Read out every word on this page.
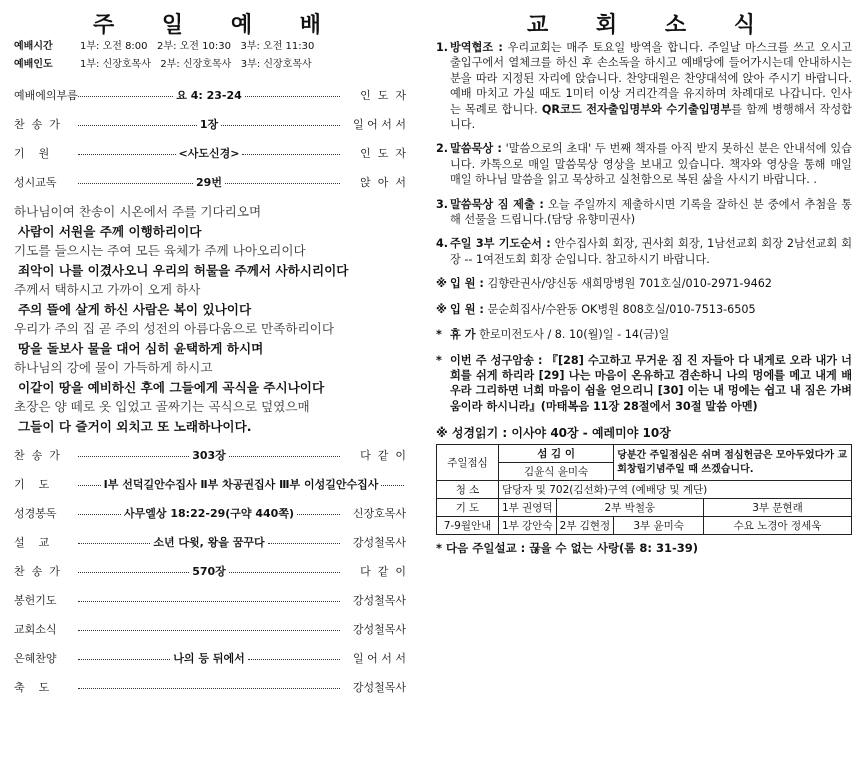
주 일 예 배
예배시간	1부: 오전 8:00   2부: 오전 10:30   3부: 오전 11:30
예배인도	1부: 신장호목사   2부: 신장호목사   3부: 신장호목사
예배에의부름	요 4: 23-24	인  도  자
찬  송  가	1장	일 어 서 서
기    원	<사도신경>	인  도  자
성시교독	29번	앉  아  서
하나님이여 찬송이 시온에서 주를 기다리오며
사람이 서원을 주께 이행하리이다
기도를 들으시는 주여 모든 육체가 주께 나아오리이다
죄악이 나를 이겼사오니 우리의 허물을 주께서 사하시리이다
주께서 택하시고 가까이 오게 하사
주의 뜰에 살게 하신 사람은 복이 있나이다
우리가 주의 집 곧 주의 성전의 아름다움으로 만족하리이다
땅을 돌보사 물을 대어 심히 윤택하게 하시며
하나님의 강에 물이 가득하게 하시고
이같이 땅을 예비하신 후에 그들에게 곡식을 주시나이다
초장은 양 떼로 옷 입었고 골짜기는 곡식으로 덮였으매
그들이 다 즐거이 외치고 또 노래하나이다.
찬  송  가	303장	다  같  이
기    도	Ⅰ부 선덕길안수집사 Ⅱ부 차공권집사 Ⅲ부 이성길안수집사
성경봉독	사무엘상 18:22-29(구약 440쪽)	신장호목사
설    교	소년 다윗, 왕을 꿈꾸다	강성철목사
찬  송  가	570장	다  같  이
봉헌기도	강성철목사
교회소식	강성철목사
은혜찬양	나의 등 뒤에서	일 어 서 서
축    도	강성철목사
교 회 소 식
1. 방역협조 : 우리교회는 매주 토요일 방역을 합니다. 주일날 마스크를 쓰고 오시고 출입구에서 열체크를 하신 후 손소독을 하시고 예배당에 들어가시는데 안내하시는 분을 따라 지정된 자리에 앉습니다. 찬양대원은 찬양대석에 앉아 주시기 바랍니다. 예배 마치고 가실 때도 1미터 이상 거리간격을 유지하며 차례대로 나갑니다. 인사는 목례로 합니다. QR코드 전자출입명부와 수기출입명부를 함께 병행해서 작성합니다.
2. 말씀묵상 : '말씀으로의 초대' 두 번째 책자를 아직 받지 못하신 분은 안내석에 있습니다. 카톡으로 매일 말씀묵상 영상을 보내고 있습니다. 책자와 영상을 통해 매일 매일 하나님 말씀을 읽고 묵상하고 실천함으로 복된 삶을 사시기 바랍니다. .
3. 말씀묵상 짐 제출 : 오늘 주일까지 제출하시면 기록을 잘하신 분 중에서 추첨을 통해 선물을 드립니다.(담당 유향미권사)
4. 주일 3부 기도순서 : 안수집사회 회장, 권사회 회장, 1남선교회 회장 2남선교회 회장 -- 1여전도회 회장 순입니다. 참고하시기 바랍니다.
※ 입 원 : 김향란권사/양신동 새희망병원 701호실/010-2971-9462
※ 입 원 : 문순희집사/수완동 OK병원 808호실/010-7513-6505
* 휴 가 한로미전도사 / 8. 10(월)일 - 14(금)일
* 이번 주 성구암송 : 『[28] 수고하고 무거운 짐 진 자들아 다 내게로 오라 내가 너희를 쉬게 하리라 [29] 나는 마음이 온유하고 겸손하니 나의 멍에를 메고 내게 배우라 그리하면 너희 마음이 쉼을 얻으리니 [30] 이는 내 멍에는 쉽고 내 짐은 가벼움이라 하시니라』(마태복음 11장 28절에서 30절 말씀 아멘)
※ 성경읽기 : 이사야 40장 - 예레미야 10장
주일점심	섬 김 이		당분간 주일점심은 쉬며 점심헌금은 모아두었다가 교회창립기념주일 때 쓰겠습니다.	
	김윤식 윤미숙			
청 소	담당자 및 702(김선화)구역 (예배당 및 계단)			
기 도	1부 권영덕	2부 박철웅		3부 문현래
7-9월안내	1부 강안숙	2부 김현정	3부 윤미숙	수요 노경아 정세욱
* 다음 주일설교 : 끊을 수 없는 사랑(롬 8: 31-39)
